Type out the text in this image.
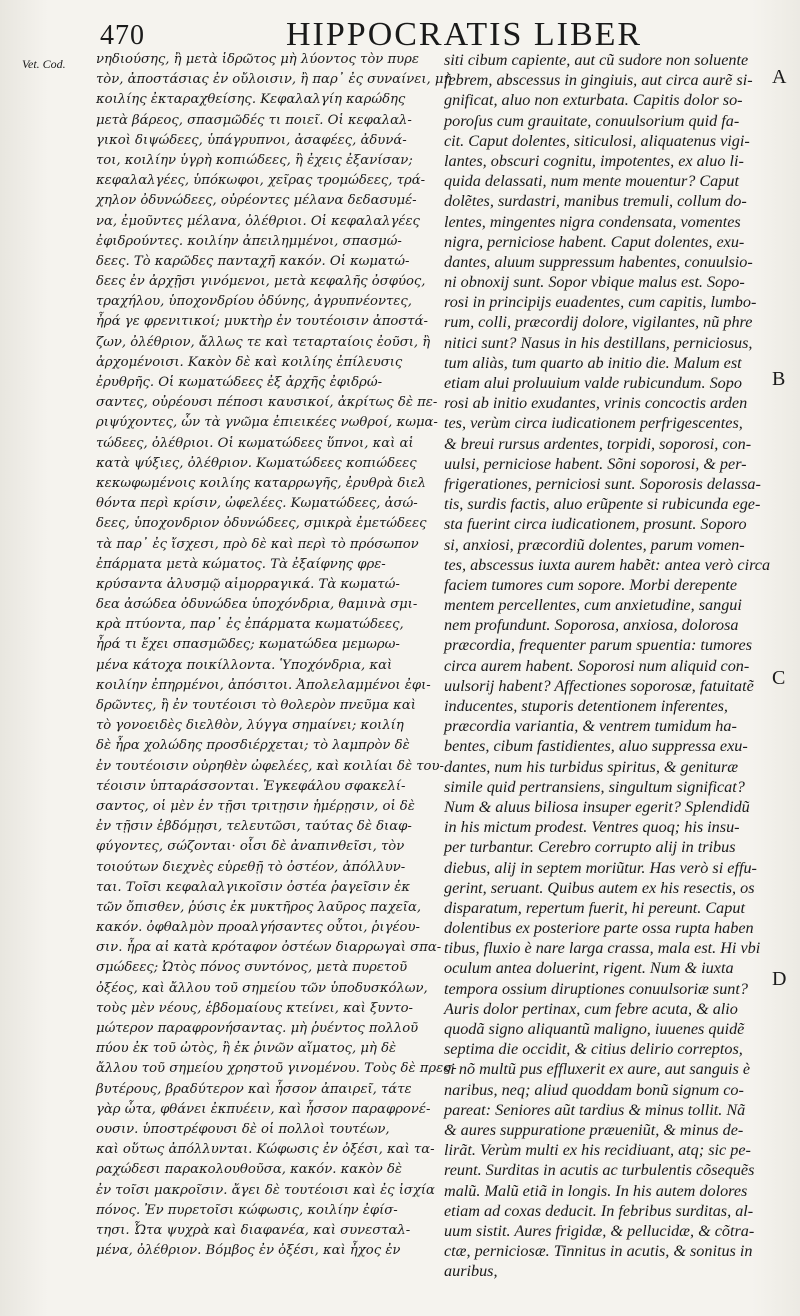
470	HIPPOCRATIS LIBER
Vet. Cod. νηδιούσης, ἢ μετὰ ἱδρῶτος μὴ λύοντος τὸν πυρε
τὸν, ἀποστάσιας ἐν οὔλοισιν, ἢ παρ᾽ ἐς συναίνει, μὴ
κοιλίης ἐκταραχθείσης. Κεφαλαλγίη καρώδης
μετὰ βάρεος, σπασμῶδές τι ποιεῖ. Οἱ κεφαλαλ-
γικοὶ διψώδεες, ὑπάγρυπνοι, ἀσαφέες, ἀδυνά-
τοι, κοιλίην ὑγρὴ κοπιώδεες, ἢ ἐχεις ἐξανίσαν;
κεφαλαλγέες, ὑπόκωφοι, χεῖρας τρομώδεες, τρά-
χηλον ὀδυνώδεες, οὐρέοντες μέλανα δεδασυμέ-
να, ἐμοῦντες μέλανα, ὀλέθριοι. Οἱ κεφαλαλγέες
ἐφιδρούντες. κοιλίην ἀπειλημμένοι, σπασμώ-
δεες. Τὸ καρῶδες πανταχῆ κακόν. Οἱ κωματώ-
δεες ἐν ἀρχῇσι γινόμενοι, μετὰ κεφαλῆς ὀσφύος,
τραχήλου, ὑποχονδρίου ὀδύνης, ἀγρυπνέοντες,
ἦρά γε φρενιτικοί; μυκτὴρ ἐν τουτέοισιν ἀποστά-
ζων, ὀλέθριον, ἄλλως τε καὶ τεταρταίοις ἐοῦσι, ἢ
ἀρχομένοισι. Κακὸν δὲ καὶ κοιλίης ἐπίλευσις
ἐρυθρῆς. Οἱ κωματώδεες ἐξ ἀρχῆς ἐφιδρώ-
σαντες, οὐρέουσι πέποσι καυσικοί, ἀκρίτως δὲ πε-
ριψύχοντες, ὧν τὰ γνῶμα ἐπιεικέες νωθροί, κωμα-
τώδεες, ὀλέθριοι. Οἱ κωματώδεες ὕπνοι, καὶ αἱ
κατὰ ψύξιες, ὀλέθριον. Κωματώδεες κοπιώδεες
κεκωφωμένοις κοιλίης καταρρωγῆς, ἐρυθρὰ διελ
θόντα περὶ κρίσιν, ὠφελέες. Κωματώδεες, ἀσώ-
δεες, ὑποχονδριον ὀδυνώδεες, σμικρὰ ἐμετώδεες
τὰ παρ᾽ ἐς ἴσχεσι, πρὸ δὲ καὶ περὶ τὸ πρόσωπον
ἐπάρματα μετὰ κώματος. Τὰ ἐξαίφνης φρε-
κρύσαντα ἀλυσμῷ αἱμορραγικά. Τὰ κωματώ-
δεα ἀσώδεα ὀδυνώδεα ὑποχόνδρια, θαμινὰ σμι-
κρὰ πτύοντα, παρ᾽ ἐς ἐπάρματα κωματώδεες,
ἦρά τι ἔχει σπασμῶδες; κωματώδεα μεμωρω-
μένα κάτοχα ποικίλλοντα. Ὑποχόνδρια, καὶ
κοιλίην ἐπηρμένοι, ἀπόσιτοι. Ἀπολελαμμένοι ἐφι-
δρῶντες, ἢ ἐν τουτέοισι τὸ θολερὸν πνεῦμα καὶ
τὸ γονοειδὲς διελθὸν, λύγγα σημαίνει; κοιλίη
δὲ ἦρα χολώδης προσδιέρχεται; τὸ λαμπρὸν δὲ
ἐν τουτέοισιν οὐρηθὲν ὠφελέες, καὶ κοιλίαι δὲ του-
τέοισιν ὑπταράσσονται. Ἐγκεφάλου σφακελί-
σαντος, οἱ μὲν ἐν τῇσι τριτῃσιν ἡμέρῃσιν, οἱ δὲ
ἐν τῇσιν ἑβδόμῃσι, τελευτῶσι, ταύτας δὲ διαφ-
φύγοντες, σώζονται· οἷσι δὲ ἀναπινθεῖσι, τὸν
τοιούτων διεχνὲς εὑρεθῇ τὸ ὀστέον, ἀπόλλυν-
ται. Τοῖσι κεφαλαλγικοῖσιν ὀστέα ῥαγεῖσιν ἐκ
τῶν ὄπισθεν, ῥύσις ἐκ μυκτῆρος λαῦρος παχεῖα,
κακόν. ὀφθαλμὸν προαλγήσαντες οὗτοι, ῥιγέου-
σιν. ἦρα αἱ κατὰ κρόταφον ὀστέων διαρρωγαὶ σπα-
σμώδεες; Ὠτὸς πόνος συντόνος, μετὰ πυρετοῦ
ὀξέος, καὶ ἄλλου τοῦ σημείου τῶν ὑποδυσκόλων,
τοὺς μὲν νέους, ἑβδομαίους κτείνει, καὶ ξυντο-
μώτερον παραφρονήσαντας. μὴ ῥυέντος πολλοῦ
πύου ἐκ τοῦ ὠτὸς, ἢ ἐκ ῥινῶν αἵματος, μὴ δὲ
ἄλλου τοῦ σημείου χρηστοῦ γινομένου. Τοὺς δὲ πρεσ-
βυτέρους, βραδύτερον καὶ ἧσσον ἀπαιρεῖ, τάτε
γὰρ ὦτα, φθάνει ἐκπυέειν, καὶ ἧσσον παραφρονέ-
ουσιν. ὑποστρέφουσι δὲ οἱ πολλοὶ τουτέων,
καὶ οὕτως ἀπόλλυνται. Κώφωσις ἐν ὀξέσι, καὶ τα-
ραχώδεσι παρακολουθοῦσα, κακόν. κακὸν δὲ
ἐν τοῖσι μακροῖσιν. ἄγει δὲ τουτέοισι καὶ ἐς ἰσχία
πόνος. Ἐν πυρετοῖσι κώφωσις, κοιλίην ἐφίσ-
τησι. Ὦτα ψυχρὰ καὶ διαφανέα, καὶ συνεσταλ-
μένα, ὀλέθριον. Βόμβος ἐν ὀξέσι, καὶ ἦχος ἐν
siti cibum capiente, aut cũ sudore non soluente
febrem, abscessus in gingiuis, aut circa aurẽ si-
gnificat, aluo non exturbata. Capitis dolor so-
poroſus cum grauitate, conuulsorium quid fa-
cit. Caput dolentes, siticulosi, aliquatenus vigi-
lantes, obscuri cognitu, impotentes, ex aluo li-
quida delassati, num mente mouentur? Caput
dolẽtes, surdastri, manibus tremuli, collum do-
lentes, mingentes nigra condensata, vomentes
nigra, perniciose habent. Caput dolentes, exu-
dantes, aluum suppressum habentes, conuulsio-
ni obnoxij sunt. Sopor vbique malus est. Sopo-
rosi in principijs euadentes, cum capitis, lumbo-
rum, colli, præcordij dolore, vigilantes, nũ phre
nitici sunt? Nasus in his destillans, perniciosus,
tum aliàs, tum quarto ab initio die. Malum est
etiam alui proluuium valde rubicundum. Sopo
rosi ab initio exudantes, vrinis concoctis arden
tes, verùm circa iudicationem perfrigescentes,
& breui rursus ardentes, torpidi, soporosi, con-
uulsi, perniciose habent. Sõni soporosi, & per-
frigerationes, perniciosi sunt. Soporosis delassa-
tis, surdis factis, aluo erũpente si rubicunda ege-
sta fuerint circa iudicationem, prosunt. Soporo
si, anxiosi, præcordiũ dolentes, parum vomen-
tes, abscessus iuxta aurem habẽt: antea verò circa
faciem tumores cum sopore. Morbi derepente
mentem percellentes, cum anxietudine, sangui
nem profundunt. Soporosa, anxiosa, dolorosa
præcordia, frequenter parum spuentia: tumores
circa aurem habent. Soporosi num aliquid con-
uulsorij habent? Affectiones soporosæ, fatuitatẽ
inducentes, stuporis detentionem inferentes,
præcordia variantia, & ventrem tumidum ha-
bentes, cibum fastidientes, aluo suppressa exu-
dantes, num his turbidus spiritus, & genituræ
simile quid pertransiens, singultum significat?
Num & aluus biliosa insuper egerit? Splendidũ
in his mictum prodest. Ventres quoq; his insu-
per turbantur. Cerebro corrupto alij in tribus
diebus, alij in septem moriũtur. Has verò si effu-
gerint, seruant. Quibus autem ex his resectis, os
disparatum, repertum fuerit, hi pereunt. Caput
dolentibus ex posteriore parte ossa rupta haben
tibus, fluxio è nare larga crassa, mala est. Hi vbi
oculum antea doluerint, rigent. Num & iuxta
tempora ossium diruptiones conuulsoriæ sunt?
Auris dolor pertinax, cum febre acuta, & alio
quodã signo aliquantũ maligno, iuuenes quidẽ
septima die occidit, & citius delirio correptos,
si nõ multũ pus effluxerit ex aure, aut sanguis è
naribus, neq; aliud quoddam bonũ signum co-
pareat: Seniores aũt tardius & minus tollit. Nã
& aures suppuratione præueniũt, & minus de-
lirãt. Verùm multi ex his recidiuant, atq; sic pe-
reunt. Surditas in acutis ac turbulentis cõsequẽs
malũ. Malũ etiã in longis. In his autem dolores
etiam ad coxas deducit. In febribus surditas, al-
uum sistit. Aures frigidæ, & pellucidæ, & cõtra-
ctæ, perniciosæ. Tinnitus in acutis, & sonitus in
auribus,
A
B
C
D
